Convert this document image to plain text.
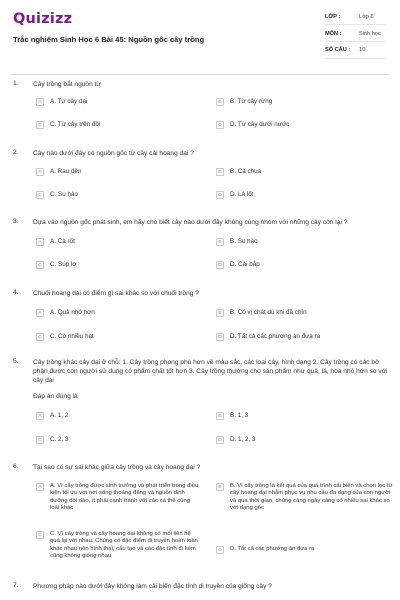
Quizizz
Trắc nghiệm Sinh Học 6 Bài 45: Nguồn gốc cây trồng
LỚP :	Lớp 6
MÔN :	Sinh học
SỐ CÂU : 10
1. Cây trồng bắt nguồn từ
A	A. Từ cây dại	B	B. Từ cây rừng
C	C. Từ cây trên đồi	D	D. Từ cây dưới nước
2. Cây nào dưới đây có nguồn gốc từ cây cải hoang dại ?
A	A. Rau dền	B	B. Cà chua
C	C. Su hào	D	D. Lá lốt
3. Dựa vào nguồn gốc phát sinh, em hãy cho biết cây nào dưới đây không cùng nhóm với những cây còn lại ?
A	A. Cà rốt	B	B. Su hào
C	C. Súp lơ	D	D. Cải bắp
4. Chuối hoang dại có điểm gì sai khác so với chuối trồng ?
A	A. Quả nhỏ hơn	B	B. Có vị chát dù khi đã chín
C	C. Có nhiều hạt	D	D. Tất cả các phương án đưa ra
5. Cây trồng khác cây dại ở chỗ: 1. Cây trồng phong phú hơn về màu sắc, các loại cây, hình dạng 2. Cây trồng có các bộ phận được con người sử dụng có phẩm chất tốt hơn 3. Cây trồng thường cho sản phẩm như quả, lá, hoa nhỏ hơn so với cây dại
Đáp án đúng là
A	A. 1, 2	B	B. 1, 3
C	C. 2, 3	D	D. 1, 2, 3
6. Tại sao có sự sai khác giữa cây trồng và cây hoang dại ?
A	A. Vì cây trồng được sinh trưởng và phát triển trong điều kiện tối ưu với nơi sống thoáng đãng và nguồn dinh dưỡng dồi dào, ít phải cạnh tranh với các cá thể cùng loài khác
B	B. Vì cây trồng là kết quả của quá trình cải biến và chọn lọc từ cây hoang dại nhằm phục vụ nhu cầu đa dạng của con người và qua thời gian, chúng càng ngày càng có nhiều sai khác so với dạng gốc
C	C. Vì cây trồng và cây hoang dại không có mối liên hệ quá lại với nhau. Chúng có đặc điểm di truyền hoàn toàn khác nhau nên hình thái, cấu tạo và các đặc tính đi kèm cũng không giống nhau
D	D. Tất cả các phương án đưa ra
7. Phương pháp nào dưới đây không làm cải biến đặc tính di truyền của giống cây ?
